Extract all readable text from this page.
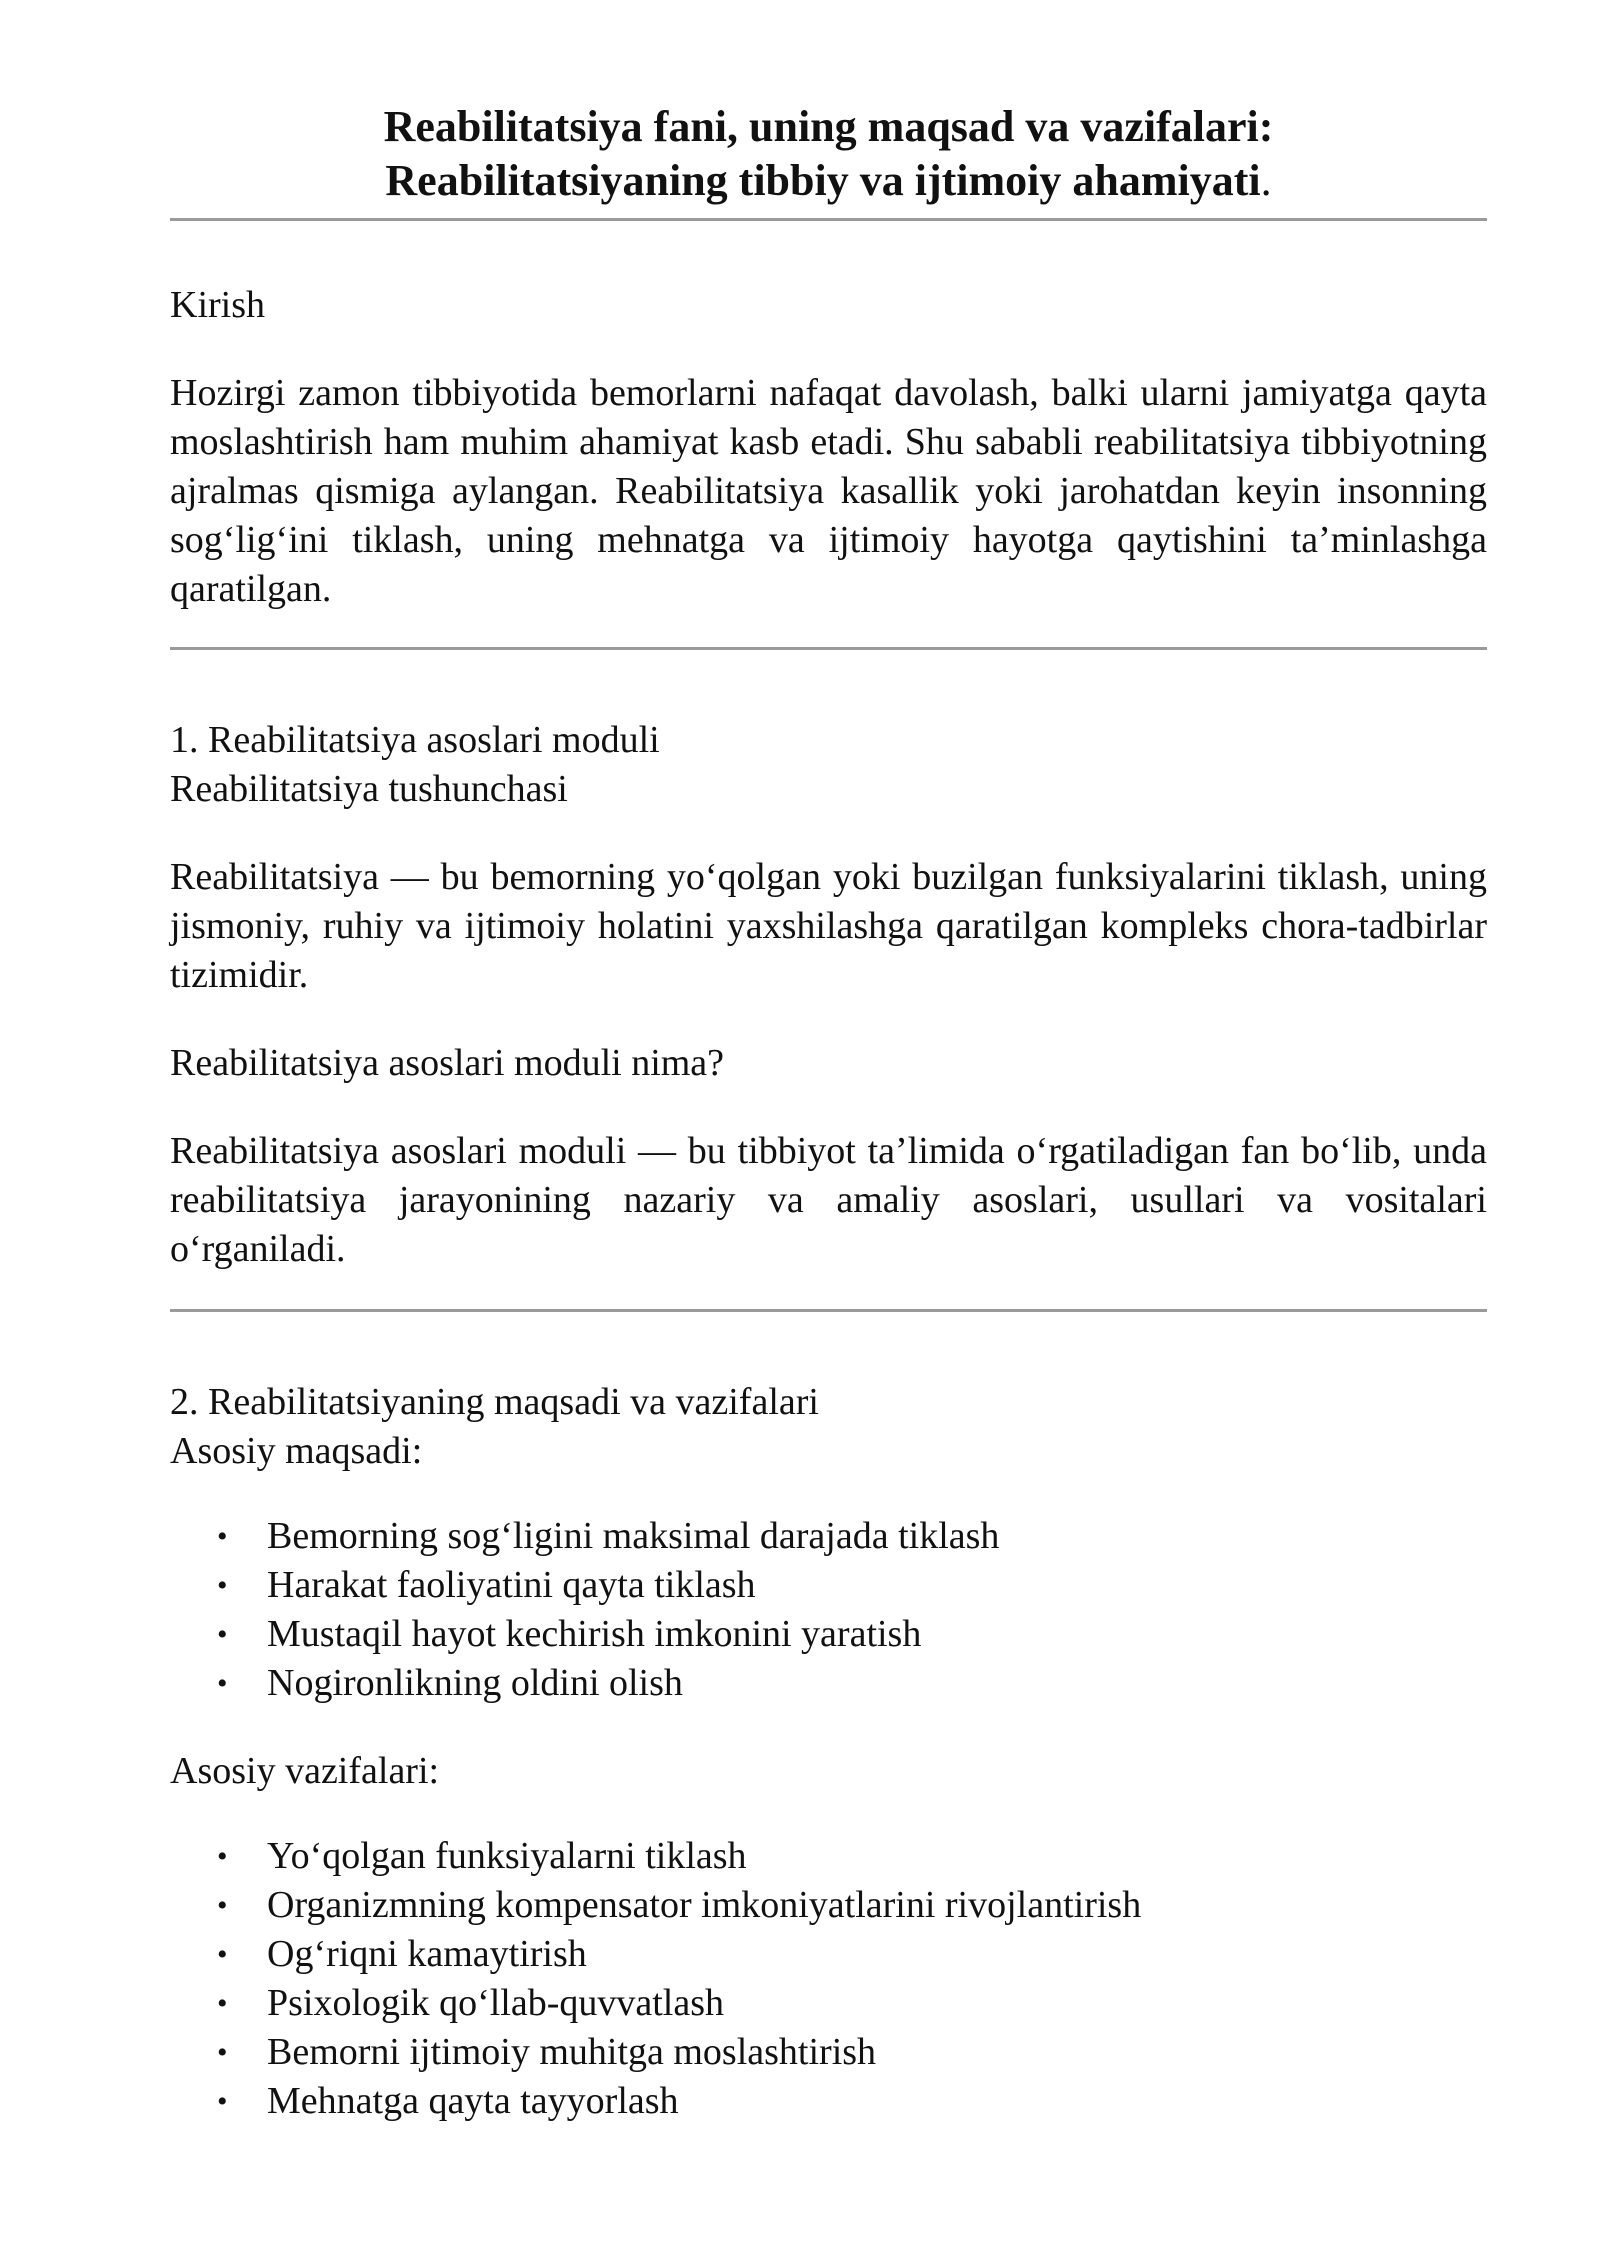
Reabilitatsiya fani, uning maqsad va vazifalari:
Reabilitatsiyaning tibbiy va ijtimoiy ahamiyati.

Kirish

Hozirgi zamon tibbiyotida bemorlarni nafaqat davolash, balki ularni jamiyatga qayta moslashtirish ham muhim ahamiyat kasb etadi. Shu sababli reabilitatsiya tibbiyotning ajralmas qismiga aylangan. Reabilitatsiya kasallik yoki jarohatdan keyin insonning sog‘lig‘ini tiklash, uning mehnatga va ijtimoiy hayotga qaytishini ta’minlashga qaratilgan.

1. Reabilitatsiya asoslari moduli

Reabilitatsiya tushunchasi

Reabilitatsiya — bu bemorning yo‘qolgan yoki buzilgan funksiyalarini tiklash, uning jismoniy, ruhiy va ijtimoiy holatini yaxshilashga qaratilgan kompleks chora-tadbirlar tizimidir.

Reabilitatsiya asoslari moduli nima?

Reabilitatsiya asoslari moduli — bu tibbiyot ta’limida o‘rgatiladigan fan bo‘lib, unda reabilitatsiya jarayonining nazariy va amaliy asoslari, usullari va vositalari o‘rganiladi.

2. Reabilitatsiyaning maqsadi va vazifalari

Asosiy maqsadi:

• Bemorning sog‘ligini maksimal darajada tiklash
• Harakat faoliyatini qayta tiklash
• Mustaqil hayot kechirish imkonini yaratish
• Nogironlikning oldini olish

Asosiy vazifalari:

• Yo‘qolgan funksiyalarni tiklash
• Organizmning kompensator imkoniyatlarini rivojlantirish
• Og‘riqni kamaytirish
• Psixologik qo‘llab-quvvatlash
• Bemorni ijtimoiy muhitga moslashtirish
• Mehnatga qayta tayyorlash
